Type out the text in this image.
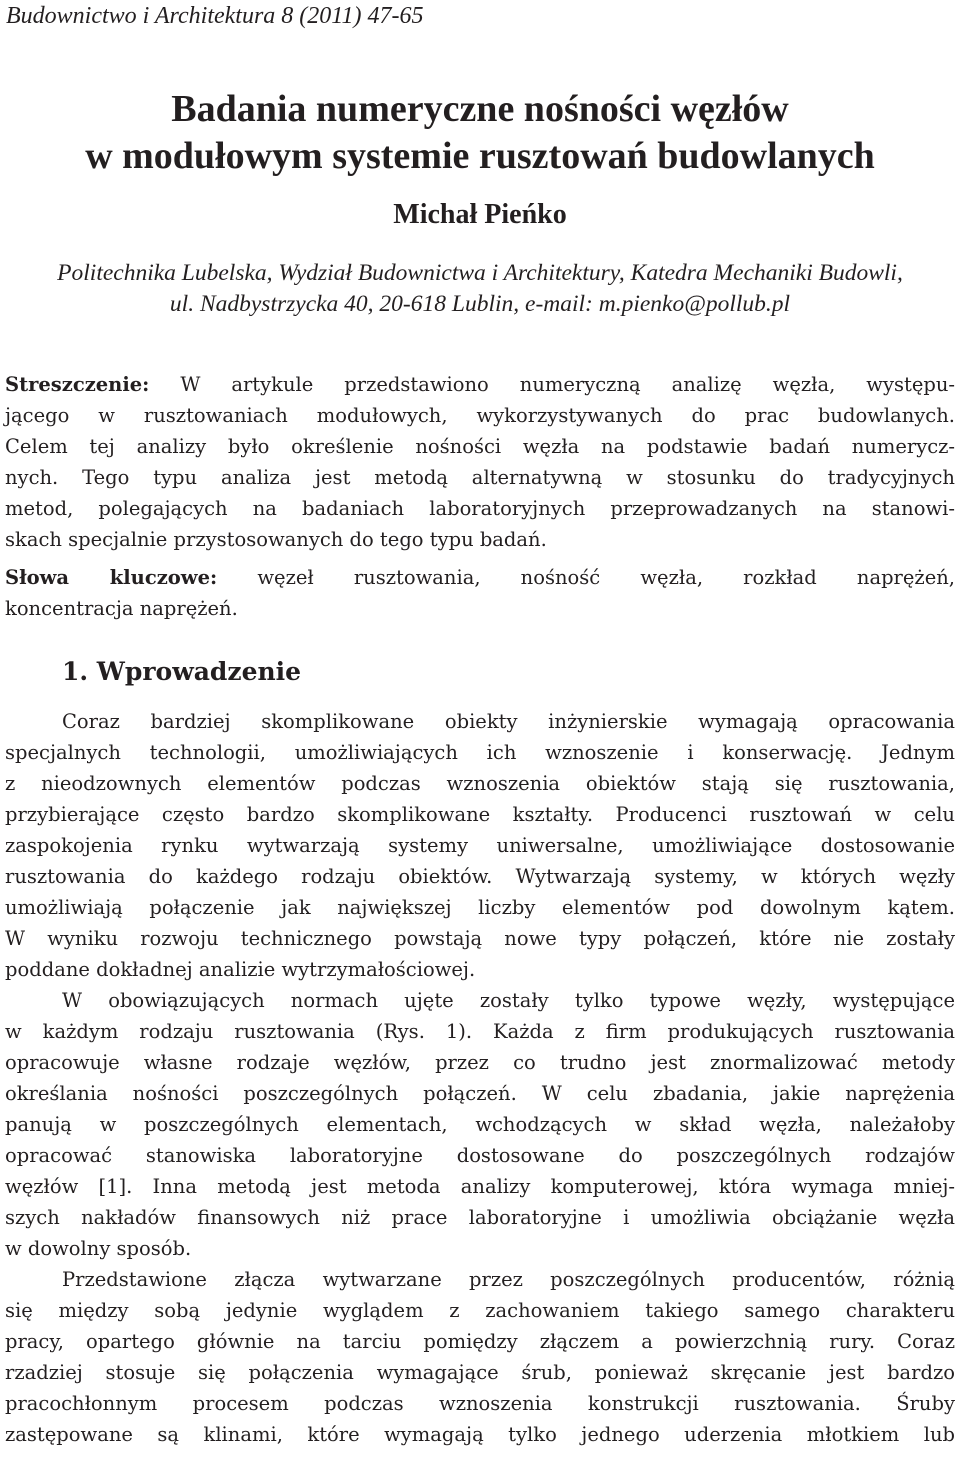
Budownictwo i Architektura 8 (2011) 47-65
Badania numeryczne nośności węzłów
w modułowym systemie rusztowań budowlanych
Michał Pieńko
Politechnika Lubelska, Wydział Budownictwa i Architektury, Katedra Mechaniki Budowli,
ul. Nadbystrzycka 40, 20-618 Lublin, e-mail: m.pienko@pollub.pl
Streszczenie: W artykule przedstawiono numeryczną analizę węzła, występu-
jącego w rusztowaniach modułowych, wykorzystywanych do prac budowlanych.
Celem tej analizy było określenie nośności węzła na podstawie badań numerycz-
nych. Tego typu analiza jest metodą alternatywną w stosunku do tradycyjnych
metod, polegających na badaniach laboratoryjnych przeprowadzanych na stanowi-
skach specjalnie przystosowanych do tego typu badań.
Słowa kluczowe: węzeł rusztowania, nośność węzła, rozkład naprężeń,
koncentracja naprężeń.
1. Wprowadzenie
Coraz bardziej skomplikowane obiekty inżynierskie wymagają opracowania
specjalnych technologii, umożliwiających ich wznoszenie i konserwację. Jednym
z nieodzownych elementów podczas wznoszenia obiektów stają się rusztowania,
przybierające często bardzo skomplikowane kształty. Producenci rusztowań w celu
zaspokojenia rynku wytwarzają systemy uniwersalne, umożliwiające dostosowanie
rusztowania do każdego rodzaju obiektów. Wytwarzają systemy, w których węzły
umożliwiają połączenie jak największej liczby elementów pod dowolnym kątem.
W wyniku rozwoju technicznego powstają nowe typy połączeń, które nie zostały
poddane dokładnej analizie wytrzymałościowej.
W obowiązujących normach ujęte zostały tylko typowe węzły, występujące
w każdym rodzaju rusztowania (Rys. 1). Każda z firm produkujących rusztowania
opracowuje własne rodzaje węzłów, przez co trudno jest znormalizować metody
określania nośności poszczególnych połączeń. W celu zbadania, jakie naprężenia
panują w poszczególnych elementach, wchodzących w skład węzła, należałoby
opracować stanowiska laboratoryjne dostosowane do poszczególnych rodzajów
węzłów [1]. Inna metodą jest metoda analizy komputerowej, która wymaga mniej-
szych nakładów finansowych niż prace laboratoryjne i umożliwia obciążanie węzła
w dowolny sposób.
Przedstawione złącza wytwarzane przez poszczególnych producentów, różnią
się między sobą jedynie wyglądem z zachowaniem takiego samego charakteru
pracy, opartego głównie na tarciu pomiędzy złączem a powierzchnią rury. Coraz
rzadziej stosuje się połączenia wymagające śrub, ponieważ skręcanie jest bardzo
pracochłonnym procesem podczas wznoszenia konstrukcji rusztowania. Śruby
zastępowane są klinami, które wymagają tylko jednego uderzenia młotkiem lub
